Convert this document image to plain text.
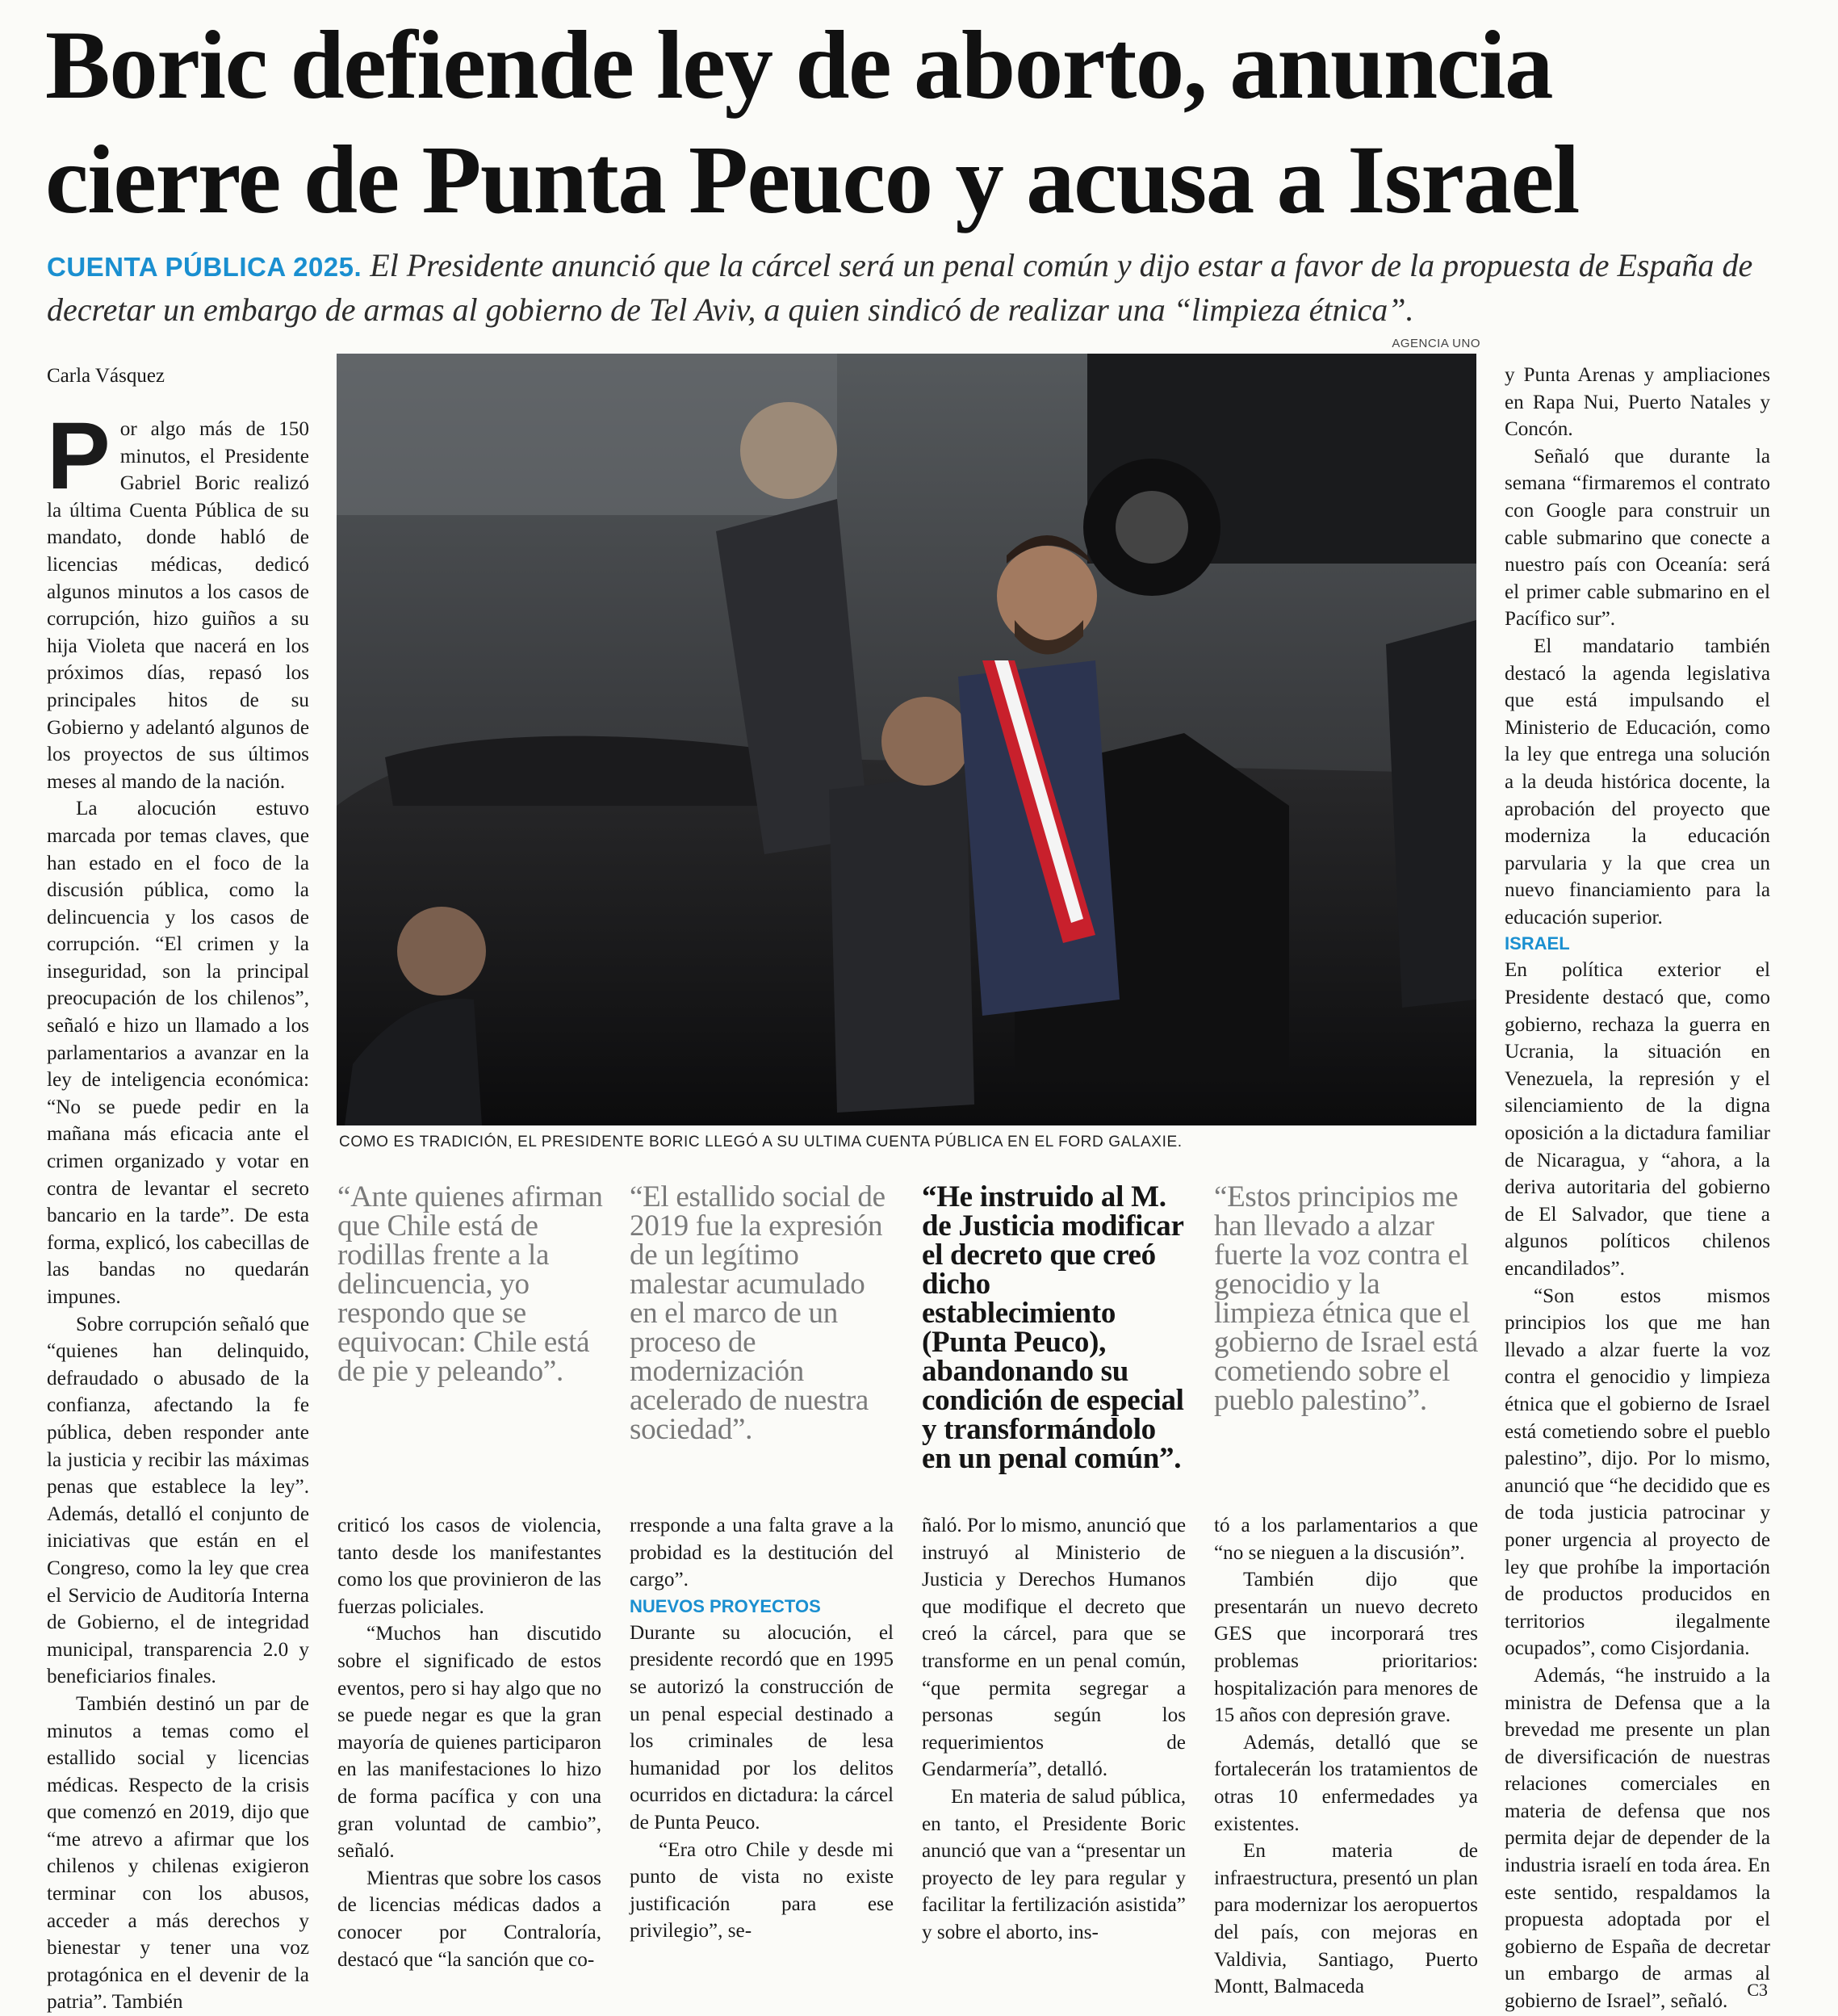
Boric defiende ley de aborto, anuncia cierre de Punta Peuco y acusa a Israel
CUENTA PÚBLICA 2025. El Presidente anunció que la cárcel será un penal común y dijo estar a favor de la propuesta de España de decretar un embargo de armas al gobierno de Tel Aviv, a quien sindicó de realizar una “limpieza étnica”.
Carla Vásquez
AGENCIA UNO
COMO ES TRADICIÓN, EL PRESIDENTE BORIC LLEGÓ A SU ULTIMA CUENTA PÚBLICA EN EL FORD GALAXIE.

Por algo más de 150 minutos, el Presidente Gabriel Boric realizó la última Cuenta Pública de su mandato, donde habló de licencias médicas, dedicó algunos minutos a los casos de corrupción, hizo guiños a su hija Violeta que nacerá en los próximos días, repasó los principales hitos de su Gobierno y adelantó algunos de los proyectos de sus últimos meses al mando de la nación.

La alocución estuvo marcada por temas claves, que han estado en el foco de la discusión pública, como la delincuencia y los casos de corrupción. “El crimen y la inseguridad, son la principal preocupación de los chilenos”, señaló e hizo un llamado a los parlamentarios a avanzar en la ley de inteligencia económica: “No se puede pedir en la mañana más eficacia ante el crimen organizado y votar en contra de levantar el secreto bancario en la tarde”. De esta forma, explicó, los cabecillas de las bandas no quedarán impunes.

Sobre corrupción señaló que “quienes han delinquido, defraudado o abusado de la confianza, afectando la fe pública, deben responder ante la justicia y recibir las máximas penas que establece la ley”. Además, detalló el conjunto de iniciativas que están en el Congreso, como la ley que crea el Servicio de Auditoría Interna de Gobierno, el de integridad municipal, transparencia 2.0 y beneficiarios finales.

También destinó un par de minutos a temas como el estallido social y licencias médicas. Respecto de la crisis que comenzó en 2019, dijo que “me atrevo a afirmar que los chilenos y chilenas exigieron terminar con los abusos, acceder a más derechos y bienestar y tener una voz protagónica en el devenir de la patria”. También

“Ante quienes afirman que Chile está de rodillas frente a la delincuencia, yo respondo que se equivocan: Chile está de pie y peleando”.
“El estallido social de 2019 fue la expresión de un legítimo malestar acumulado en el marco de un proceso de modernización acelerado de nuestra sociedad”.
“He instruido al M. de Justicia modificar el decreto que creó dicho establecimiento (Punta Peuco), abandonando su condición de especial y transformándolo en un penal común”.
“Estos principios me han llevado a alzar fuerte la voz contra el genocidio y la limpieza étnica que el gobierno de Israel está cometiendo sobre el pueblo palestino”.

criticó los casos de violencia, tanto desde los manifestantes como los que provinieron de las fuerzas policiales.

“Muchos han discutido sobre el significado de estos eventos, pero si hay algo que no se puede negar es que la gran mayoría de quienes participaron en las manifestaciones lo hizo de forma pacífica y con una gran voluntad de cambio”, señaló.

Mientras que sobre los casos de licencias médicas dados a conocer por Contraloría, destacó que “la sanción que co-

rresponde a una falta grave a la probidad es la destitución del cargo”.

NUEVOS PROYECTOS

Durante su alocución, el presidente recordó que en 1995 se autorizó la construcción de un penal especial destinado a los criminales de lesa humanidad por los delitos ocurridos en dictadura: la cárcel de Punta Peuco.

“Era otro Chile y desde mi punto de vista no existe justificación para ese privilegio”, se-

ñaló. Por lo mismo, anunció que instruyó al Ministerio de Justicia y Derechos Humanos que modifique el decreto que creó la cárcel, para que se transforme en un penal común, “que permita segregar a personas según los requerimientos de Gendarmería”, detalló.

En materia de salud pública, en tanto, el Presidente Boric anunció que van a “presentar un proyecto de ley para regular y facilitar la fertilización asistida” y sobre el aborto, ins-

tó a los parlamentarios a que “no se nieguen a la discusión”.

También dijo que presentarán un nuevo decreto GES que incorporará tres problemas prioritarios: hospitalización para menores de 15 años con depresión grave.

Además, detalló que se fortalecerán los tratamientos de otras 10 enfermedades ya existentes.

En materia de infraestructura, presentó un plan para modernizar los aeropuertos del país, con mejoras en Valdivia, Santiago, Puerto Montt, Balmaceda

y Punta Arenas y ampliaciones en Rapa Nui, Puerto Natales y Concón.

Señaló que durante la semana “firmaremos el contrato con Google para construir un cable submarino que conecte a nuestro país con Oceanía: será el primer cable submarino en el Pacífico sur”.

El mandatario también destacó la agenda legislativa que está impulsando el Ministerio de Educación, como la ley que entrega una solución a la deuda histórica docente, la aprobación del proyecto que moderniza la educación parvularia y la que crea un nuevo financiamiento para la educación superior.

ISRAEL

En política exterior el Presidente destacó que, como gobierno, rechaza la guerra en Ucrania, la situación en Venezuela, la represión y el silenciamiento de la digna oposición a la dictadura familiar de Nicaragua, y “ahora, a la deriva autoritaria del gobierno de El Salvador, que tiene a algunos políticos chilenos encandilados”.

“Son estos mismos principios los que me han llevado a alzar fuerte la voz contra el genocidio y limpieza étnica que el gobierno de Israel está cometiendo sobre el pueblo palestino”, dijo. Por lo mismo, anunció que “he decidido que es de toda justicia patrocinar y poner urgencia al proyecto de ley que prohíbe la importación de productos producidos en territorios ilegalmente ocupados”, como Cisjordania.

Además, “he instruido a la ministra de Defensa que a la brevedad me presente un plan de diversificación de nuestras relaciones comerciales en materia de defensa que nos permita dejar de depender de la industria israelí en toda área. En este sentido, respaldamos la propuesta adoptada por el gobierno de España de decretar un embargo de armas al gobierno de Israel”, señaló.

C3
